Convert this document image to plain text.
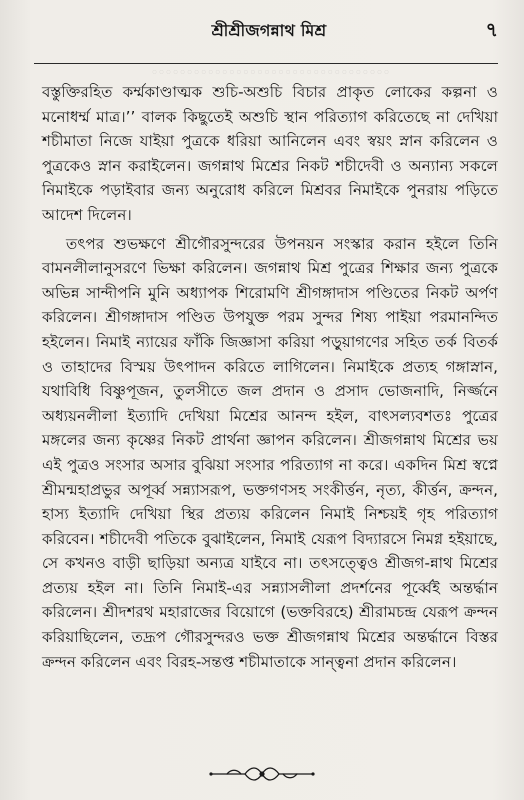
শ্রীশ্রীজগন্নাথ মিশ্র	৭
◦◦◦◦◦◦◦◦◦◦◦◦◦◦◦◦◦◦◦◦◦◦◦◦◦◦◦◦◦◦◦◦◦◦

বস্তুক্তিরহিত কর্ম্মকাণ্ডাত্মক শুচি-অশুচি বিচার প্রাকৃত লোকের কল্পনা ও মনোধর্ম্ম মাত্র।’’ বালক কিছুতেই অশুচি স্থান পরিত্যাগ করিতেছে না দেখিয়া শচীমাতা নিজে যাইয়া পুত্রকে ধরিয়া আনিলেন এবং স্বয়ং স্নান করিলেন ও পুত্রকেও স্নান করাইলেন। জগন্নাথ মিশ্রের নিকট শচীদেবী ও অন্যান্য সকলে নিমাইকে পড়াইবার জন্য অনুরোধ করিলে মিশ্রবর নিমাইকে পুনরায় পড়িতে আদেশ দিলেন।

তৎপর শুভক্ষণে শ্রীগৌরসুন্দরের উপনয়ন সংস্কার করান হইলে তিনি বামনলীলানুসরণে ভিক্ষা করিলেন। জগন্নাথ মিশ্র পুত্রের শিক্ষার জন্য পুত্রকে অভিন্ন সান্দীপনি মুনি অধ্যাপক শিরোমণি শ্রীগঙ্গাদাস পণ্ডিতের নিকট অর্পণ করিলেন। শ্রীগঙ্গাদাস পণ্ডিত উপযুক্ত পরম সুন্দর শিষ্য পাইয়া পরমানন্দিত হইলেন। নিমাই ন্যায়ের ফাঁকি জিজ্ঞাসা করিয়া পড়ুয়াগণের সহিত তর্ক বিতর্ক ও তাহাদের বিস্ময় উৎপাদন করিতে লাগিলেন। নিমাইকে প্রত্যহ গঙ্গাস্নান, যথাবিধি বিষ্ণুপূজন, তুলসীতে জল প্রদান ও প্রসাদ ভোজনাদি, নির্জ্জনে অধ্যয়নলীলা ইত্যাদি দেখিয়া মিশ্রের আনন্দ হইল, বাৎসল্যবশতঃ পুত্রের মঙ্গলের জন্য কৃষ্ণের নিকট প্রার্থনা জ্ঞাপন করিলেন। শ্রীজগন্নাথ মিশ্রের ভয় এই পুত্রও সংসার অসার বুঝিয়া সংসার পরিত্যাগ না করে। একদিন মিশ্র স্বপ্নে শ্রীমন্মহাপ্রভুর অপূর্ব্ব সন্ন্যাসরূপ, ভক্তগণসহ সংকীর্ত্তন, নৃত্য, কীর্ত্তন, ক্রন্দন, হাস্য ইত্যাদি দেখিয়া স্থির প্রত্যয় করিলেন নিমাই নিশ্চয়ই গৃহ পরিত্যাগ করিবেন। শচীদেবী পতিকে বুঝাইলেন, নিমাই যেরূপ বিদ্যারসে নিমগ্ন হইয়াছে, সে কখনও বাড়ী ছাড়িয়া অন্যত্র যাইবে না। তৎসত্ত্বেও শ্রীজগ-ন্নাথ মিশ্রের প্রত্যয় হইল না। তিনি নিমাই-এর সন্ন্যাসলীলা প্রদর্শনের পূর্ব্বেই অন্তর্দ্ধান করিলেন। শ্রীদশরথ মহারাজের বিয়োগে (ভক্তবিরহে) শ্রীরামচন্দ্র যেরূপ ক্রন্দন করিয়াছিলেন, তদ্রূপ গৌরসুন্দরও ভক্ত শ্রীজগন্নাথ মিশ্রের অন্তর্দ্ধানে বিস্তর ক্রন্দন করিলেন এবং বিরহ-সন্তপ্ত শচীমাতাকে সান্ত্বনা প্রদান করিলেন।
